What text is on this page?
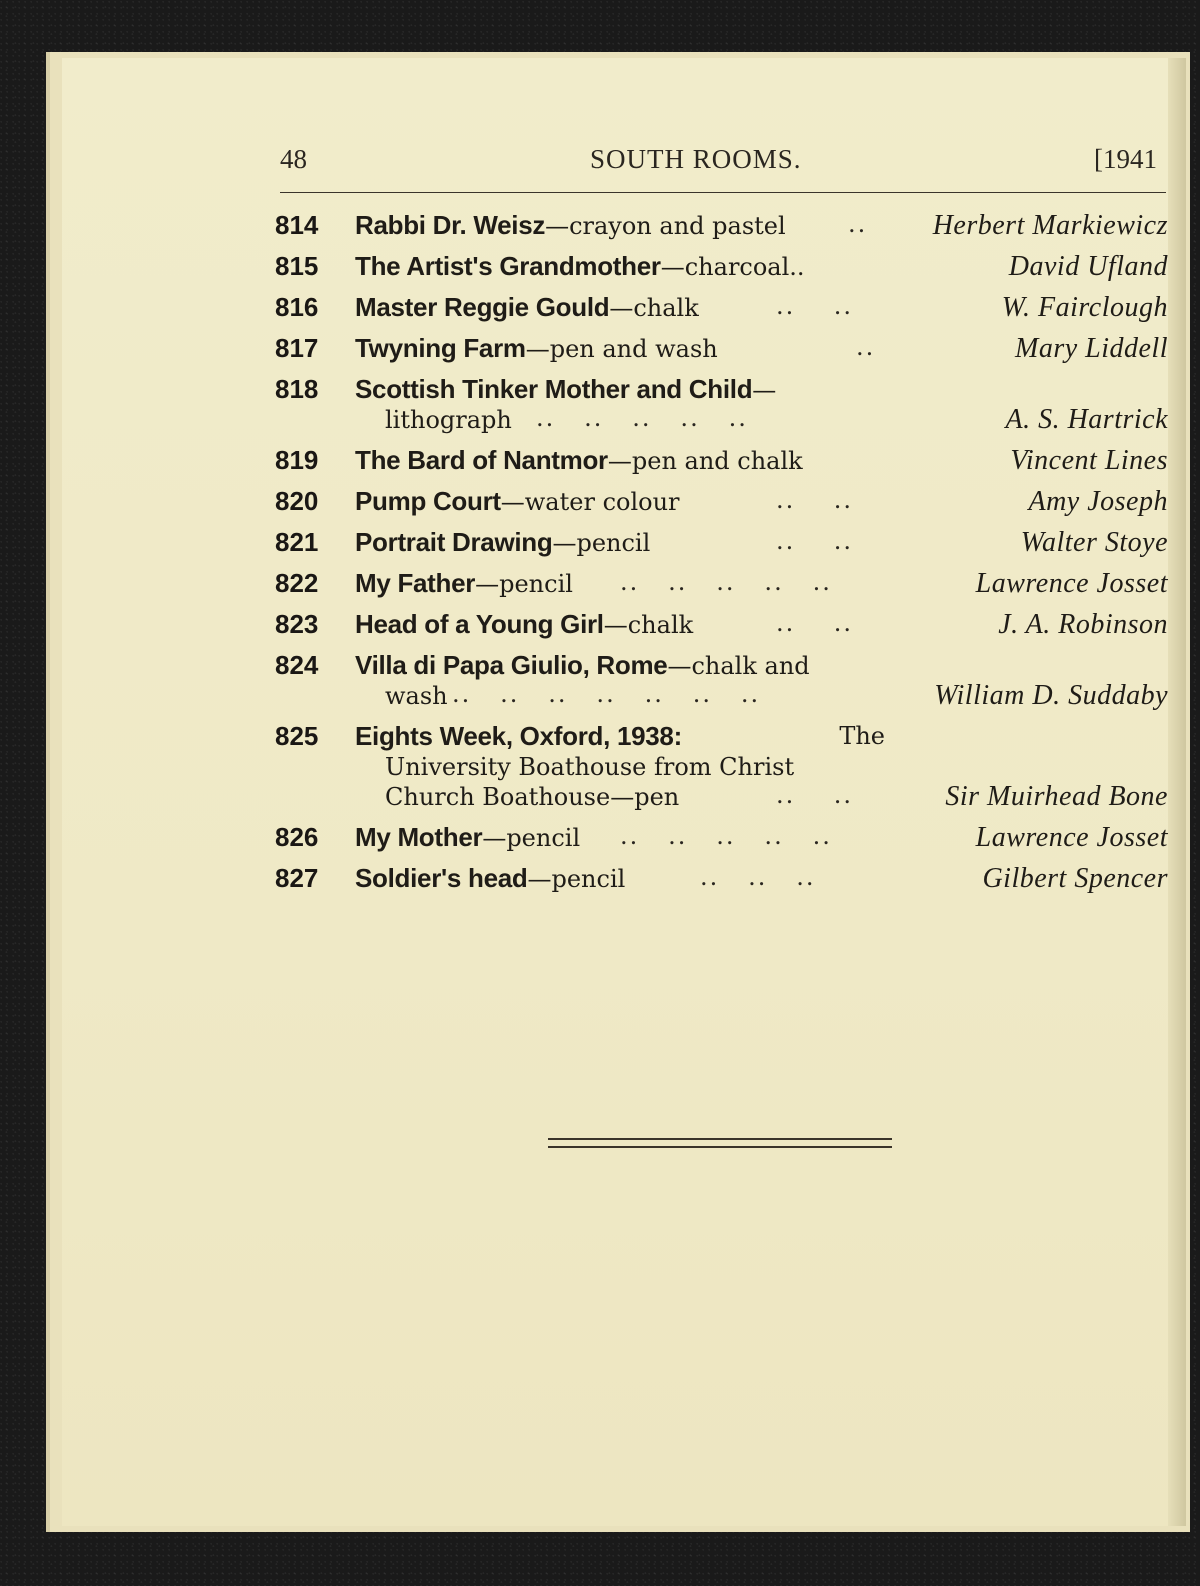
48	SOUTH ROOMS.	[1941
814 Rabbi Dr. Weisz—crayon and pastel	.. Herbert Markiewicz
815 The Artist's Grandmother—charcoal..	David Ufland
816 Master Reggie Gould—chalk	..    ..	W. Fairclough
817 Twyning Farm—pen and wash	..	Mary Liddell
818 Scottish Tinker Mother and Child—
lithograph	..   ..   ..   ..   ..	A. S. Hartrick
819 The Bard of Nantmor—pen and chalk	Vincent Lines
820 Pump Court—water colour	..    ..	Amy Joseph
821 Portrait Drawing—pencil	..    ..	Walter Stoye
822 My Father—pencil	..   ..   ..   ..   ..	Lawrence Josset
823 Head of a Young Girl—chalk	..    ..	J. A. Robinson
824 Villa di Papa Giulio, Rome—chalk and
wash ..   ..   ..   ..   ..   ..   ..	William D. Suddaby
825 Eights Week, Oxford, 1938:	The
University Boathouse from Christ
Church Boathouse—pen	..    ..	Sir Muirhead Bone
826 My Mother—pencil	..   ..   ..   ..   ..	Lawrence Josset
827 Soldier's head—pencil	..   ..   ..	Gilbert Spencer
